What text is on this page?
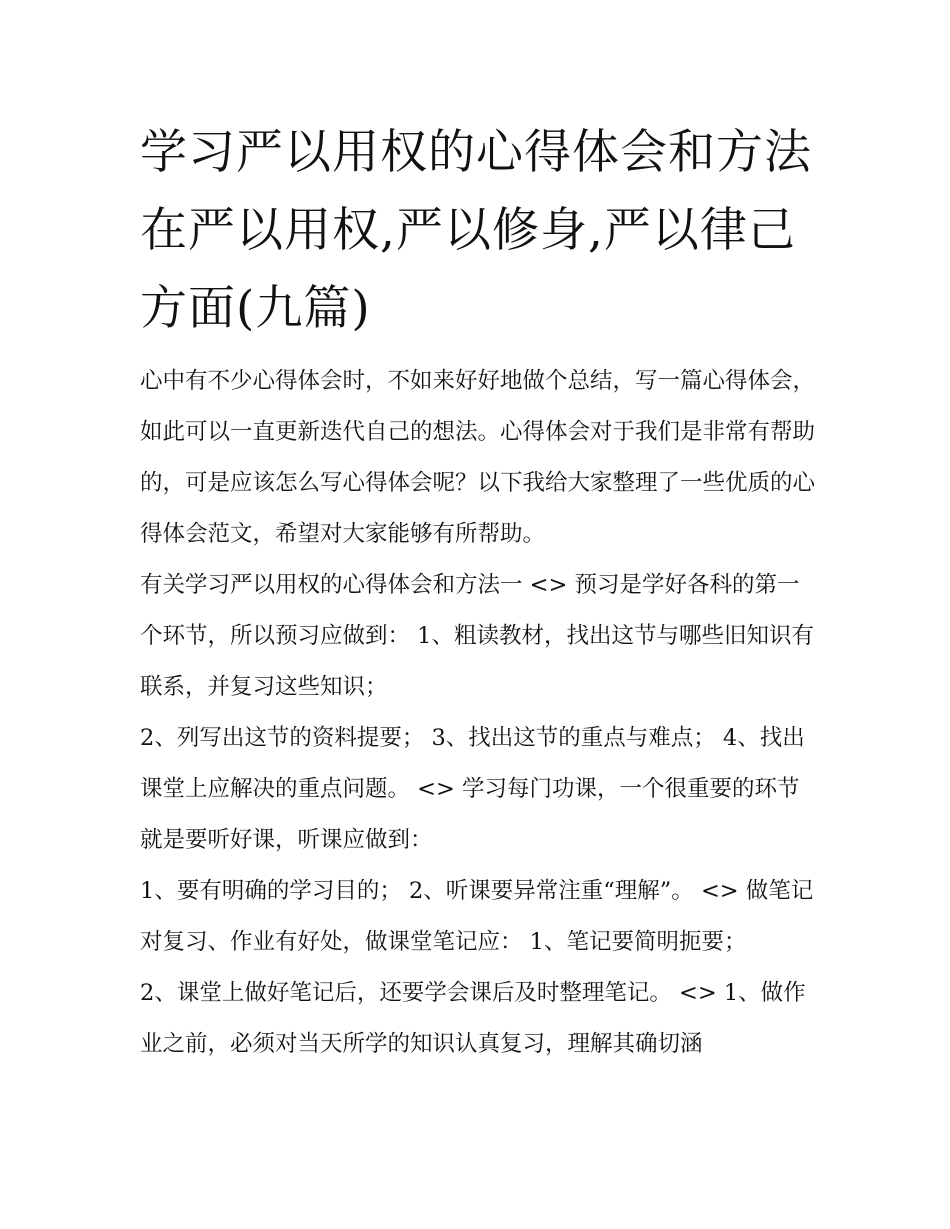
学习严以用权的心得体会和方法 在严以用权,严以修身,严以律己方面(九篇)

心中有不少心得体会时，不如来好好地做个总结，写一篇心得体会，如此可以一直更新迭代自己的想法。心得体会对于我们是非常有帮助的，可是应该怎么写心得体会呢？以下我给大家整理了一些优质的心得体会范文，希望对大家能够有所帮助。

有关学习严以用权的心得体会和方法一 <> 预习是学好各科的第一个环节，所以预习应做到： 1、粗读教材，找出这节与哪些旧知识有联系，并复习这些知识；

2、列写出这节的资料提要； 3、找出这节的重点与难点； 4、找出课堂上应解决的重点问题。 <> 学习每门功课，一个很重要的环节就是要听好课，听课应做到：

1、要有明确的学习目的； 2、听课要异常注重“理解”。 <> 做笔记对复习、作业有好处，做课堂笔记应： 1、笔记要简明扼要；

2、课堂上做好笔记后，还要学会课后及时整理笔记。 <> 1、做作业之前，必须对当天所学的知识认真复习，理解其确切涵
